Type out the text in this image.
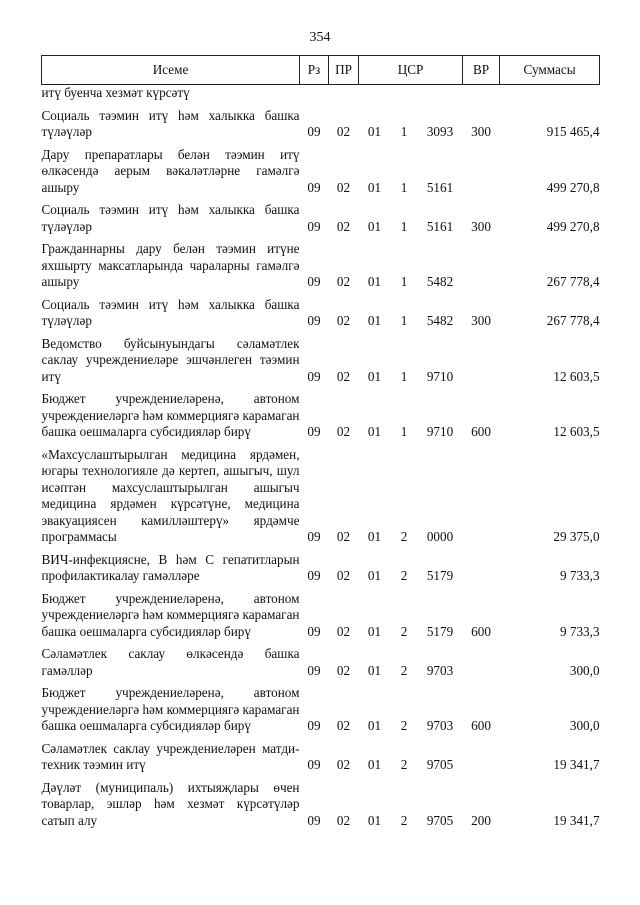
354
Исеме	Рз	ПР	ЦСР			ВР	Суммасы
итү буенча хезмәт күрсәтү							
Социаль тәэмин итү һәм халыкка башка түләүләр	09	02	01	1	3093	300	915 465,4
Дару препаратлары белән тәэмин итү өлкәсендә аерым вәкаләтләрне гамәлгә ашыру	09	02	01	1	5161		499 270,8
Социаль тәэмин итү һәм халыкка башка түләүләр	09	02	01	1	5161	300	499 270,8
Гражданнарны дару белән тәэмин итүне яхшырту максатларында чараларны гамәлгә ашыру	09	02	01	1	5482		267 778,4
Социаль тәэмин итү һәм халыкка башка түләүләр	09	02	01	1	5482	300	267 778,4
Ведомство буйсынуындагы сәламәтлек саклау учреждениеләре эшчәнлеген тәэмин итү	09	02	01	1	9710		12 603,5
Бюджет учреждениеләренә, автоном учреждениеләргә һәм коммерциягә карамаган башка оешмаларга субсидияләр бирү	09	02	01	1	9710	600	12 603,5
«Махсуслаштырылган медицина ярдәмен, югары технологияле дә кертеп, ашыгыч, шул исәптән махсуслаштырылган ашыгыч медицина ярдәмен күрсәтүне, медицина эвакуациясен камилләштерү» ярдәмче программасы	09	02	01	2	0000		29 375,0
ВИЧ-инфекциясне, В һәм С гепатитларын профилактикалау гамәлләре	09	02	01	2	5179		9 733,3
Бюджет учреждениеләренә, автоном учреждениеләргә һәм коммерциягә карамаган башка оешмаларга субсидияләр бирү	09	02	01	2	5179	600	9 733,3
Сәламәтлек саклау өлкәсендә башка гамәлләр	09	02	01	2	9703		300,0
Бюджет учреждениеләренә, автоном учреждениеләргә һәм коммерциягә карамаган башка оешмаларга субсидияләр бирү	09	02	01	2	9703	600	300,0
Сәламәтлек саклау учреждениеләрен матди-техник тәэмин итү	09	02	01	2	9705		19 341,7
Дәүләт (муниципаль) ихтыяҗлары өчен товарлар, эшләр һәм хезмәт күрсәтүләр сатып алу	09	02	01	2	9705	200	19 341,7
